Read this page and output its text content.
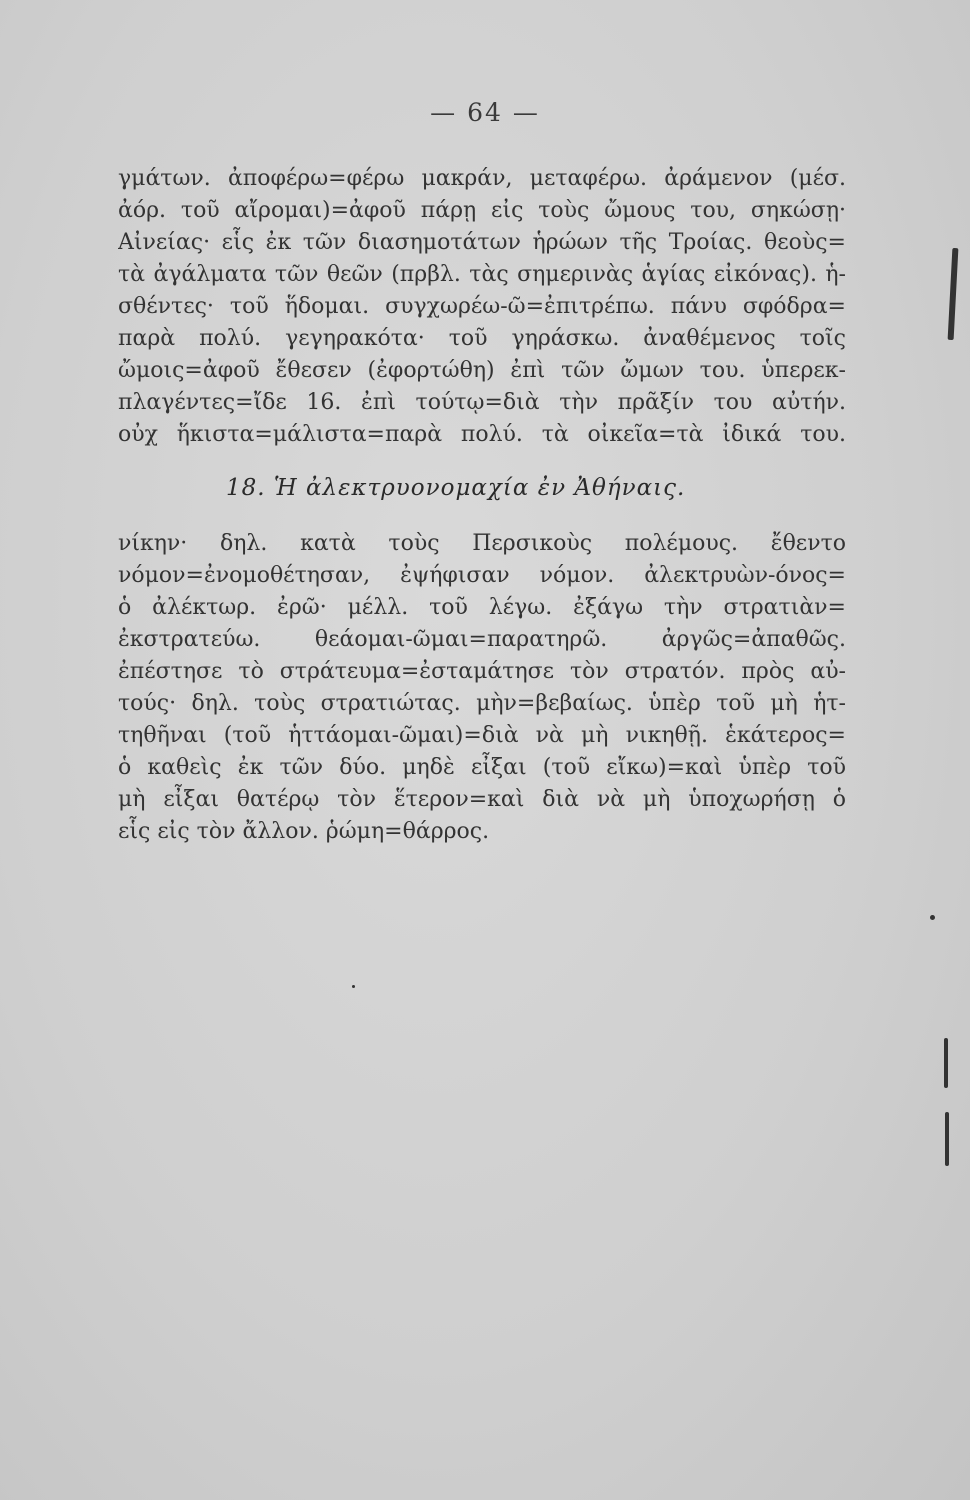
— 64 —
γμάτων. ἀποφέρω=φέρω μακράν, μεταφέρω. ἀράμενον (μέσ.
ἀόρ. τοῦ αἴρομαι)=ἀφοῦ πάρῃ εἰς τοὺς ὤμους του, σηκώσῃ·
Αἰνείας· εἷς ἐκ τῶν διασημοτάτων ἡρώων τῆς Τροίας. θεοὺς=
τὰ ἀγάλματα τῶν θεῶν (πρβλ. τὰς σημερινὰς ἁγίας εἰκόνας). ἡ-
σθέντες· τοῦ ἥδομαι. συγχωρέω-ῶ=ἐπιτρέπω. πάνυ σφόδρα=
παρὰ πολύ. γεγηρακότα· τοῦ γηράσκω. ἀναθέμενος τοῖς
ὤμοις=ἀφοῦ ἔθεσεν (ἐφορτώθη) ἐπὶ τῶν ὤμων του. ὑπερεκ-
πλαγέντες=ἴδε 16. ἐπὶ τούτῳ=διὰ τὴν πρᾶξίν του αὐτήν.
οὐχ ἥκιστα=μάλιστα=παρὰ πολύ. τὰ οἰκεῖα=τὰ ἰδικά του.
18. Ἡ ἀλεκτρυονομαχία ἐν Ἀθήναις.
νίκην· δηλ. κατὰ τοὺς Περσικοὺς πολέμους. ἔθεντο
νόμον=ἐνομοθέτησαν, ἐψήφισαν νόμον. ἀλεκτρυὼν-όνος=
ὁ ἀλέκτωρ. ἐρῶ· μέλλ. τοῦ λέγω. ἐξάγω τὴν στρατιὰν=
ἐκστρατεύω. θεάομαι-ῶμαι=παρατηρῶ. ἀργῶς=ἀπαθῶς.
ἐπέστησε τὸ στράτευμα=ἐσταμάτησε τὸν στρατόν. πρὸς αὐ-
τούς· δηλ. τοὺς στρατιώτας. μὴν=βεβαίως. ὑπὲρ τοῦ μὴ ἡτ-
τηθῆναι (τοῦ ἡττάομαι-ῶμαι)=διὰ νὰ μὴ νικηθῇ. ἑκάτερος=
ὁ καθεὶς ἐκ τῶν δύο. μηδὲ εἶξαι (τοῦ εἴκω)=καὶ ὑπὲρ τοῦ
μὴ εἶξαι θατέρῳ τὸν ἕτερον=καὶ διὰ νὰ μὴ ὑποχωρήσῃ ὁ
εἷς εἰς τὸν ἄλλον. ῥώμη=θάρρος.
